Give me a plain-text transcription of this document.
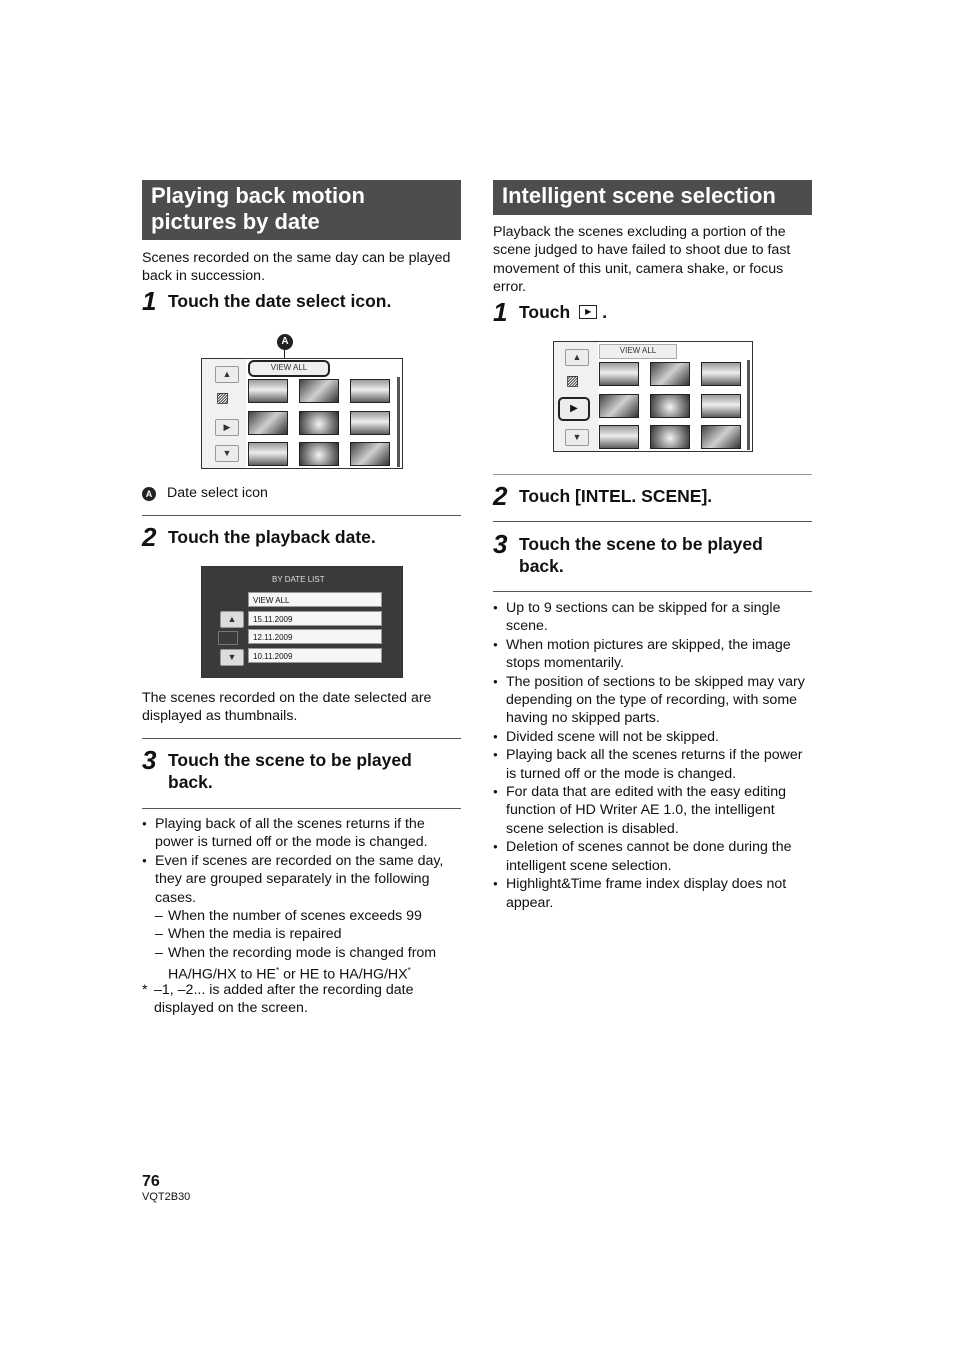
Playing back motion pictures by date

Scenes recorded on the same day can be played back in succession.

1 Touch the date select icon.
A
▲
▨
▶
▼
VIEW ALL
A Date select icon

2 Touch the playback date.
BY DATE LIST
▲
▼
VIEW ALL
15.11.2009
12.11.2009
10.11.2009

The scenes recorded on the date selected are displayed as thumbnails.

3 Touch the scene to be played back.
● Playing back of all the scenes returns if the power is turned off or the mode is changed.
● Even if scenes are recorded on the same day, they are grouped separately in the following cases.
– When the number of scenes exceeds 99
– When the media is repaired
– When the recording mode is changed from
HA/HG/HX to HE* or HE to HA/HG/HX*
* –1, –2... is added after the recording date displayed on the screen.
Intelligent scene selection

Playback the scenes excluding a portion of the scene judged to have failed to shoot due to fast movement of this unit, camera shake, or focus error.

1 Touch	▶ .
▲
▨
▶
▼
VIEW ALL
2 Touch [INTEL. SCENE].
3 Touch the scene to be played back.
● Up to 9 sections can be skipped for a single scene.
● When motion pictures are skipped, the image stops momentarily.
● The position of sections to be skipped may vary depending on the type of recording, with some having no skipped parts.
● Divided scene will not be skipped.
● Playing back all the scenes returns if the power is turned off or the mode is changed.
● For data that are edited with the easy editing function of HD Writer AE 1.0, the intelligent scene selection is disabled.
● Deletion of scenes cannot be done during the intelligent scene selection.
● Highlight&Time frame index display does not appear.
76
VQT2B30
